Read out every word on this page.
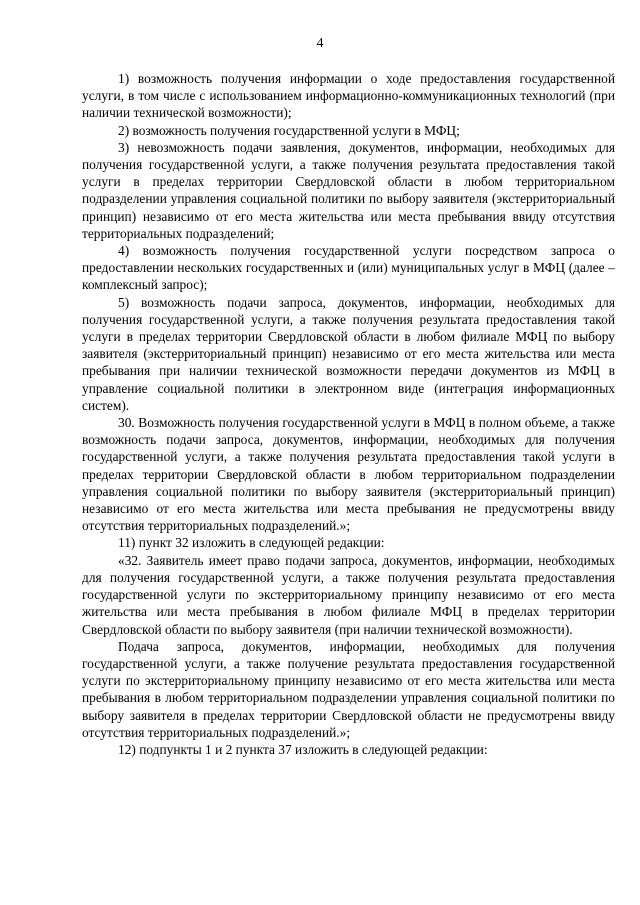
4

1) возможность получения информации о ходе предоставления государственной услуги, в том числе с использованием информационно-коммуникационных технологий (при наличии технической возможности);

2) возможность получения государственной услуги в МФЦ;

3) невозможность подачи заявления, документов, информации, необходимых для получения государственной услуги, а также получения результата предоставления такой услуги в пределах территории Свердловской области в любом территориальном подразделении управления социальной политики по выбору заявителя (экстерриториальный принцип) независимо от его места жительства или места пребывания ввиду отсутствия территориальных подразделений;

4) возможность получения государственной услуги посредством запроса о предоставлении нескольких государственных и (или) муниципальных услуг в МФЦ (далее – комплексный запрос);

5) возможность подачи запроса, документов, информации, необходимых для получения государственной услуги, а также получения результата предоставления такой услуги в пределах территории Свердловской области в любом филиале МФЦ по выбору заявителя (экстерриториальный принцип) независимо от его места жительства или места пребывания при наличии технической возможности передачи документов из МФЦ в управление социальной политики в электронном виде (интеграция информационных систем).

30. Возможность получения государственной услуги в МФЦ в полном объеме, а также возможность подачи запроса, документов, информации, необходимых для получения государственной услуги, а также получения результата предоставления такой услуги в пределах территории Свердловской области в любом территориальном подразделении управления социальной политики по выбору заявителя (экстерриториальный принцип) независимо от его места жительства или места пребывания не предусмотрены ввиду отсутствия территориальных подразделений.»;

11) пункт 32 изложить в следующей редакции:

«32. Заявитель имеет право подачи запроса, документов, информации, необходимых для получения государственной услуги, а также получения результата предоставления государственной услуги по экстерриториальному принципу независимо от его места жительства или места пребывания в любом филиале МФЦ в пределах территории Свердловской области по выбору заявителя (при наличии технической возможности).

Подача запроса, документов, информации, необходимых для получения государственной услуги, а также получение результата предоставления государственной услуги по экстерриториальному принципу независимо от его места жительства или места пребывания в любом территориальном подразделении управления социальной политики по выбору заявителя в пределах территории Свердловской области не предусмотрены ввиду отсутствия территориальных подразделений.»;

12) подпункты 1 и 2 пункта 37 изложить в следующей редакции:
